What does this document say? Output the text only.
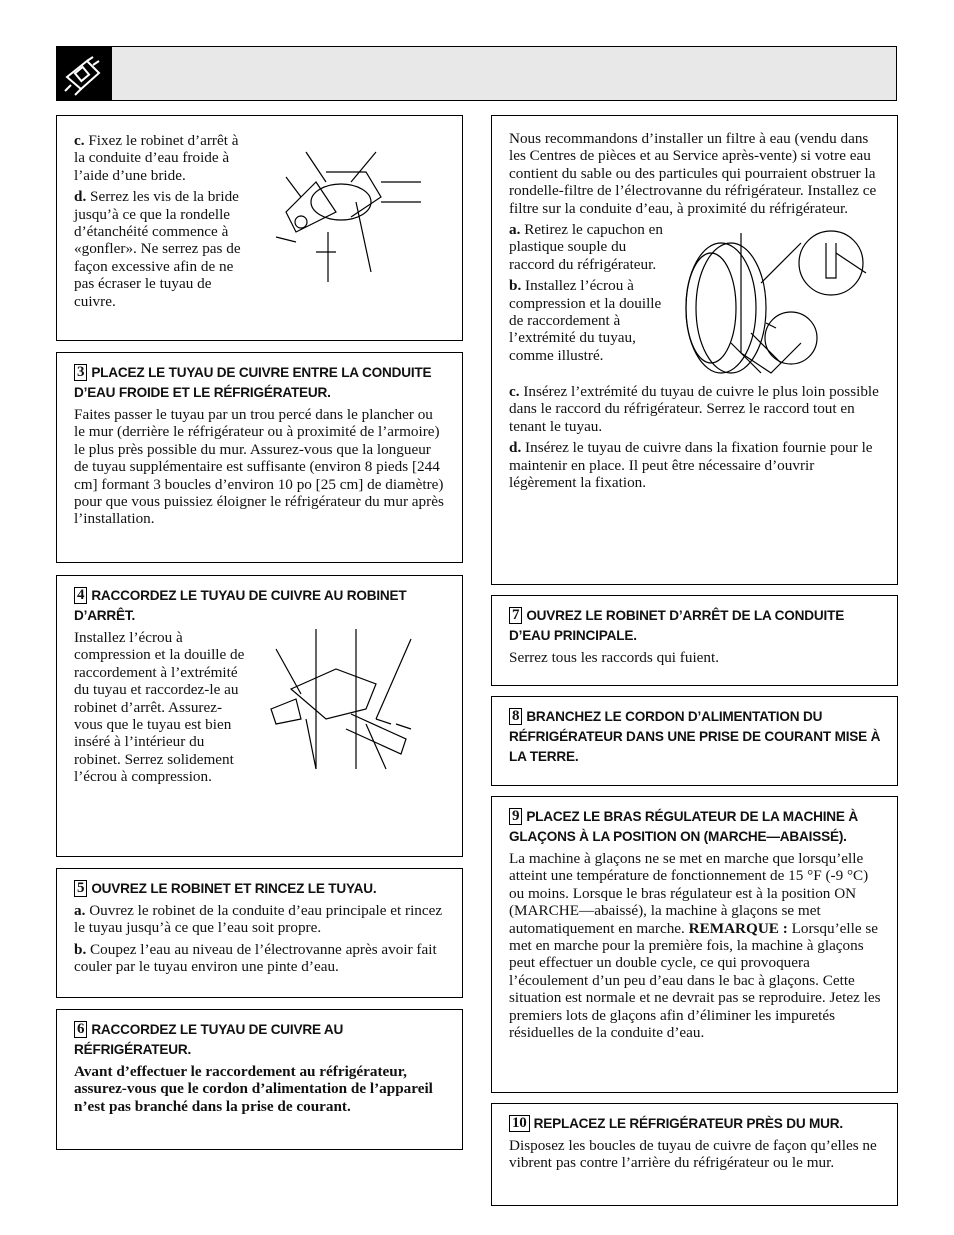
c. Fixez le robinet d’arrêt à la conduite d’eau froide à l’aide d’une bride.

d. Serrez les vis de la bride jusqu’à ce que la rondelle d’étanchéité commence à «gonfler». Ne serrez pas de façon excessive afin de ne pas écraser le tuyau de cuivre.

3 PLACEZ LE TUYAU DE CUIVRE ENTRE LA CONDUITE D’EAU FROIDE ET LE RÉFRIGÉRATEUR.

Faites passer le tuyau par un trou percé dans le plancher ou le mur (derrière le réfrigérateur ou à proximité de l’armoire) le plus près possible du mur. Assurez-vous que la longueur de tuyau supplémentaire est suffisante (environ 8 pieds [244 cm] formant 3 boucles d’environ 10 po [25 cm] de diamètre) pour que vous puissiez éloigner le réfrigérateur du mur après l’installation.

4 RACCORDEZ LE TUYAU DE CUIVRE AU ROBINET D’ARRÊT.

Installez l’écrou à compression et la douille de raccordement à l’extrémité du tuyau et raccordez-le au robinet d’arrêt. Assurez-vous que le tuyau est bien inséré à l’intérieur du robinet. Serrez solidement l’écrou à compression.

5 OUVREZ LE ROBINET ET RINCEZ LE TUYAU.

a. Ouvrez le robinet de la conduite d’eau principale et rincez le tuyau jusqu’à ce que l’eau soit propre.

b. Coupez l’eau au niveau de l’électrovanne après avoir fait couler par le tuyau environ une pinte d’eau.

6 RACCORDEZ LE TUYAU DE CUIVRE AU RÉFRIGÉRATEUR.

Avant d’effectuer le raccordement au réfrigérateur, assurez-vous que le cordon d’alimentation de l’appareil n’est pas branché dans la prise de courant.

Nous recommandons d’installer un filtre à eau (vendu dans les Centres de pièces et au Service après-vente) si votre eau contient du sable ou des particules qui pourraient obstruer la rondelle-filtre de l’électrovanne du réfrigérateur. Installez ce filtre sur la conduite d’eau, à proximité du réfrigérateur.

a. Retirez le capuchon en plastique souple du raccord du réfrigérateur.

b. Installez l’écrou à compression et la douille de raccordement à l’extrémité du tuyau, comme illustré.

c. Insérez l’extrémité du tuyau de cuivre le plus loin possible dans le raccord du réfrigérateur. Serrez le raccord tout en tenant le tuyau.

d. Insérez le tuyau de cuivre dans la fixation fournie pour le maintenir en place. Il peut être nécessaire d’ouvrir légèrement la fixation.

7 OUVREZ LE ROBINET D’ARRÊT DE LA CONDUITE D’EAU PRINCIPALE.

Serrez tous les raccords qui fuient.

8 BRANCHEZ LE CORDON D’ALIMENTATION DU RÉFRIGÉRATEUR DANS UNE PRISE DE COURANT MISE À LA TERRE.
9 PLACEZ LE BRAS RÉGULATEUR DE LA MACHINE À GLAÇONS À LA POSITION ON (MARCHE—ABAISSÉ).

La machine à glaçons ne se met en marche que lorsqu’elle atteint une température de fonctionnement de 15 °F (-9 °C) ou moins. Lorsque le bras régulateur est à la position ON (MARCHE—abaissé), la machine à glaçons se met automatiquement en marche. REMARQUE : Lorsqu’elle se met en marche pour la première fois, la machine à glaçons peut effectuer un double cycle, ce qui provoquera l’écoulement d’un peu d’eau dans le bac à glaçons. Cette situation est normale et ne devrait pas se reproduire. Jetez les premiers lots de glaçons afin d’éliminer les impuretés résiduelles de la conduite d’eau.

10 REPLACEZ LE RÉFRIGÉRATEUR PRÈS DU MUR.

Disposez les boucles de tuyau de cuivre de façon qu’elles ne vibrent pas contre l’arrière du réfrigérateur ou le mur.
